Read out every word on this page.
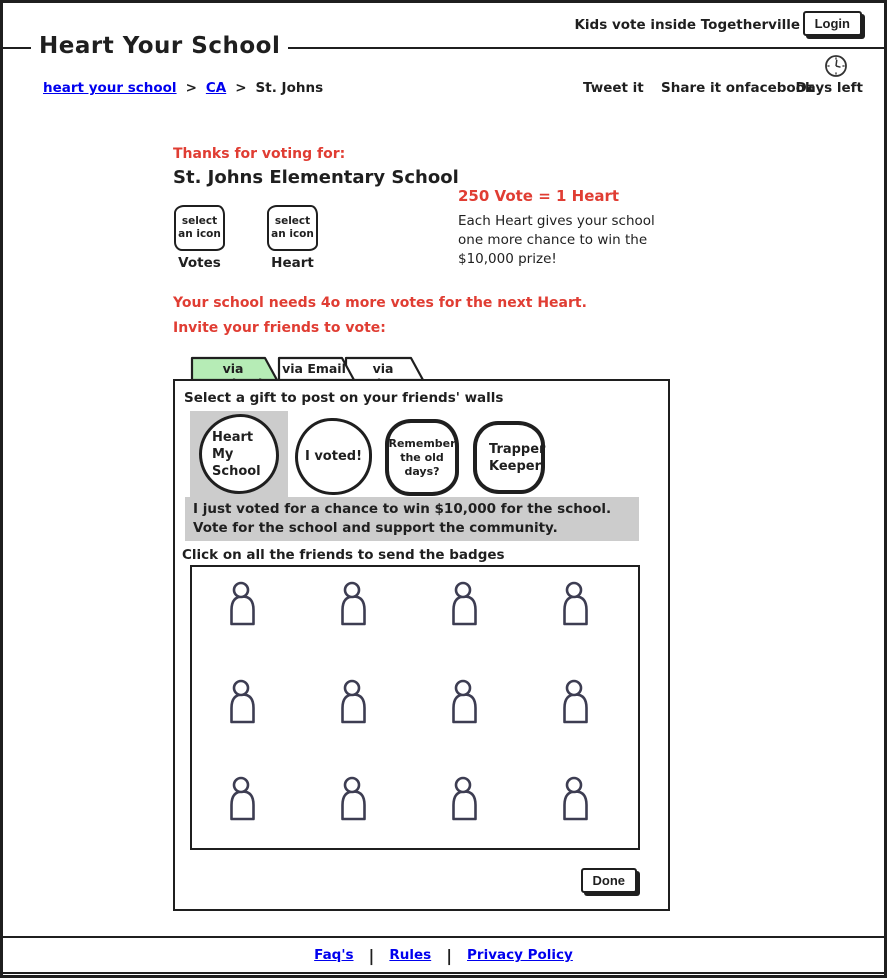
Kids vote inside Togetherville	Login
Heart Your School
heart your school > CA > St. Johns	Tweet it Share it onfacebook
Days left
Thanks for voting for:
St. Johns Elementary School
select an icon
select an icon
Votes	Heart
250 Vote = 1 Heart
Each Heart gives your school one more chance to win the $10,000 prize!
Your school needs 4o more votes for the next Heart.
Invite your friends to vote:
via	via Email	via
Select a gift to post on your friends' walls
Heart My School
I voted!
Remember the old days?
Trapper Keeper
I just voted for a chance to win $10,000 for the school. Vote for the school and support the community.
Click on all the friends to send the badges
Done
Faq's | Rules | Privacy Policy
